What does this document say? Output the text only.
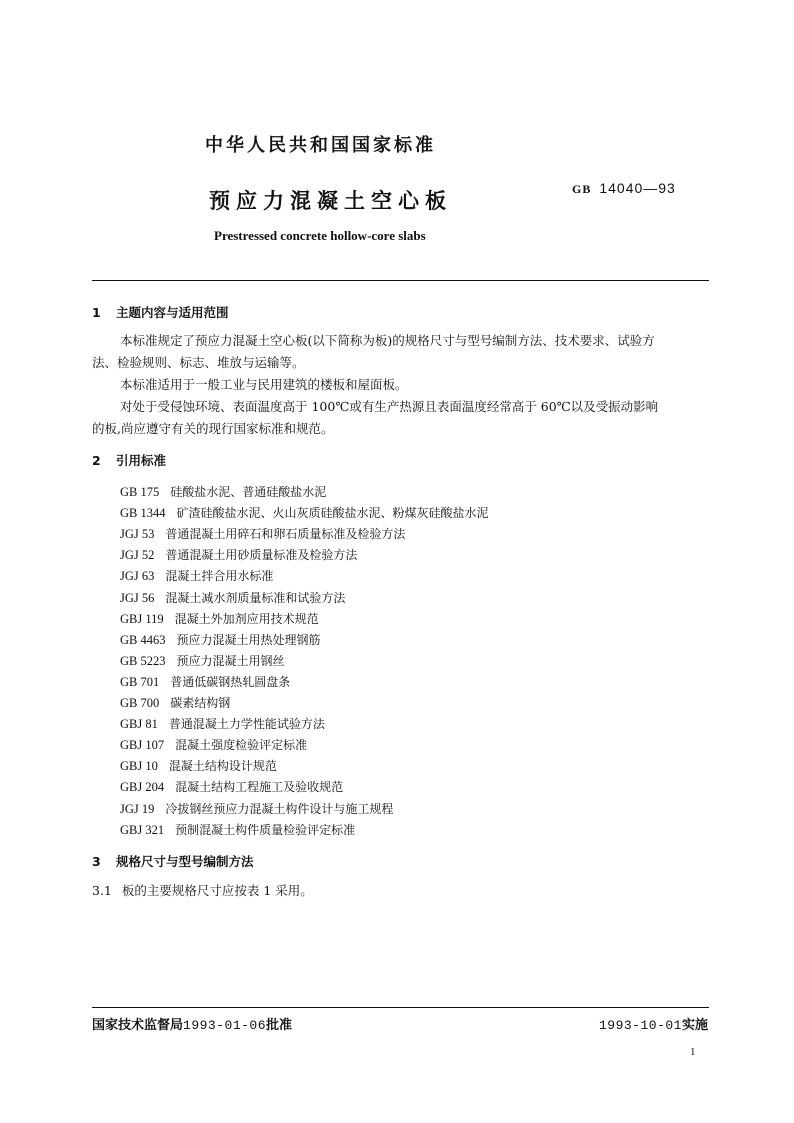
中华人民共和国国家标准
预应力混凝土空心板	GB 14040—93
Prestressed concrete hollow-core slabs
1 主题内容与适用范围
本标准规定了预应力混凝土空心板(以下简称为板)的规格尺寸与型号编制方法、技术要求、试验方
法、检验规则、标志、堆放与运输等。
本标准适用于一般工业与民用建筑的楼板和屋面板。
对处于受侵蚀环境、表面温度高于 100℃或有生产热源且表面温度经常高于 60℃以及受振动影响
的板,尚应遵守有关的现行国家标准和规范。
2 引用标准
GB 175 硅酸盐水泥、普通硅酸盐水泥
GB 1344 矿渣硅酸盐水泥、火山灰质硅酸盐水泥、粉煤灰硅酸盐水泥
JGJ 53 普通混凝土用碎石和卵石质量标准及检验方法
JGJ 52 普通混凝土用砂质量标准及检验方法
JGJ 63 混凝土拌合用水标准
JGJ 56 混凝土减水剂质量标准和试验方法
GBJ 119 混凝土外加剂应用技术规范
GB 4463 预应力混凝土用热处理钢筋
GB 5223 预应力混凝土用钢丝
GB 701 普通低碳钢热轧圆盘条
GB 700 碳素结构钢
GBJ 81 普通混凝土力学性能试验方法
GBJ 107 混凝土强度检验评定标准
GBJ 10 混凝土结构设计规范
GBJ 204 混凝土结构工程施工及验收规范
JGJ 19 冷拔钢丝预应力混凝土构件设计与施工规程
GBJ 321 预制混凝土构件质量检验评定标准
3 规格尺寸与型号编制方法
3.1 板的主要规格尺寸应按表 1 采用。
国家技术监督局1993-01-06批准	1993-10-01实施
1
